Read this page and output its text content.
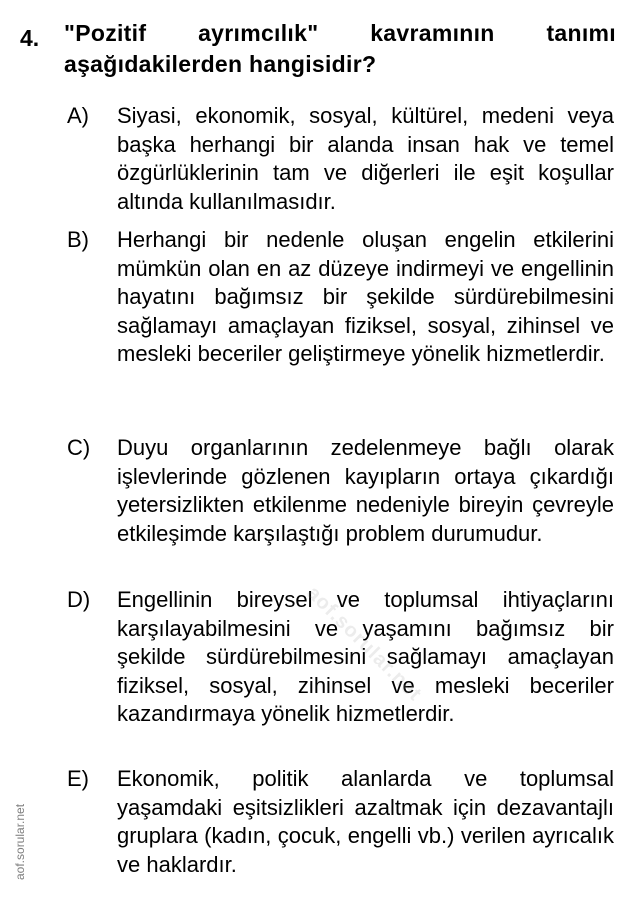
4. "Pozitif ayrımcılık" kavramının tanımı aşağıdakilerden hangisidir?
A) Siyasi, ekonomik, sosyal, kültürel, medeni veya başka herhangi bir alanda insan hak ve temel özgürlüklerinin tam ve diğerleri ile eşit koşullar altında kullanılmasıdır.
B) Herhangi bir nedenle oluşan engelin etkilerini mümkün olan en az düzeye indirmeyi ve engellinin hayatını bağımsız bir şekilde sürdürebilmesini sağlamayı amaçlayan fiziksel, sosyal, zihinsel ve mesleki beceriler geliştirmeye yönelik hizmetlerdir.
C) Duyu organlarının zedelenmeye bağlı olarak işlevlerinde gözlenen kayıpların ortaya çıkardığı yetersizlikten etkilenme nedeniyle bireyin çevreyle etkileşimde karşılaştığı problem durumudur.
D) Engellinin bireysel ve toplumsal ihtiyaçlarını karşılayabilmesini ve yaşamını bağımsız bir şekilde sürdürebilmesini sağlamayı amaçlayan fiziksel, sosyal, zihinsel ve mesleki beceriler kazandırmaya yönelik hizmetlerdir.
E) Ekonomik, politik alanlarda ve toplumsal yaşamdaki eşitsizlikleri azaltmak için dezavantajlı gruplara (kadın, çocuk, engelli vb.) verilen ayrıcalık ve haklardır.
aof.sorular.net
aof.sorular.net
